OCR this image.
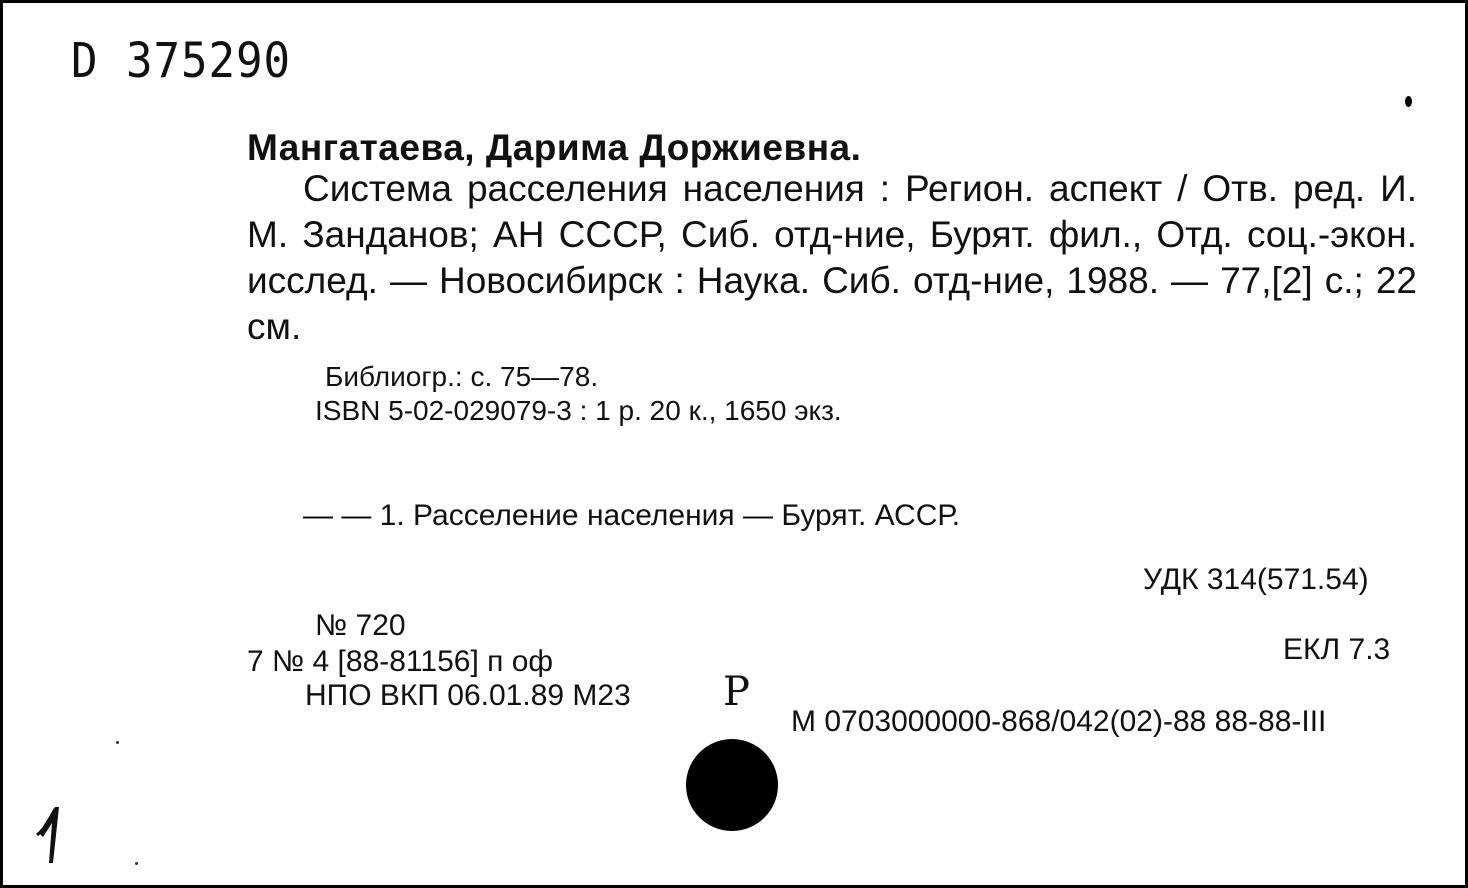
D 375290
Мангатаева, Дарима Доржиевна.
Система расселения населения : Регион. аспект / Отв. ред. И. М. Занданов; АН СССР, Сиб. отд-ние, Бурят. фил., Отд. соц.-экон. исслед. — Новосибирск : Наука. Сиб. отд-ние, 1988. — 77,[2] с.; 22 см.
Библиогр.: с. 75—78.
ISBN 5-02-029079-3 : 1 р. 20 к., 1650 экз.
— — 1. Расселение населения — Бурят. АССР.
УДК 314(571.54)
№ 720
ЕКЛ 7.3
7 № 4 [88-81156] п оф
НПО ВКП 06.01.89 М23 Р
М 0703000000-868/042(02)-88 88-88-III
